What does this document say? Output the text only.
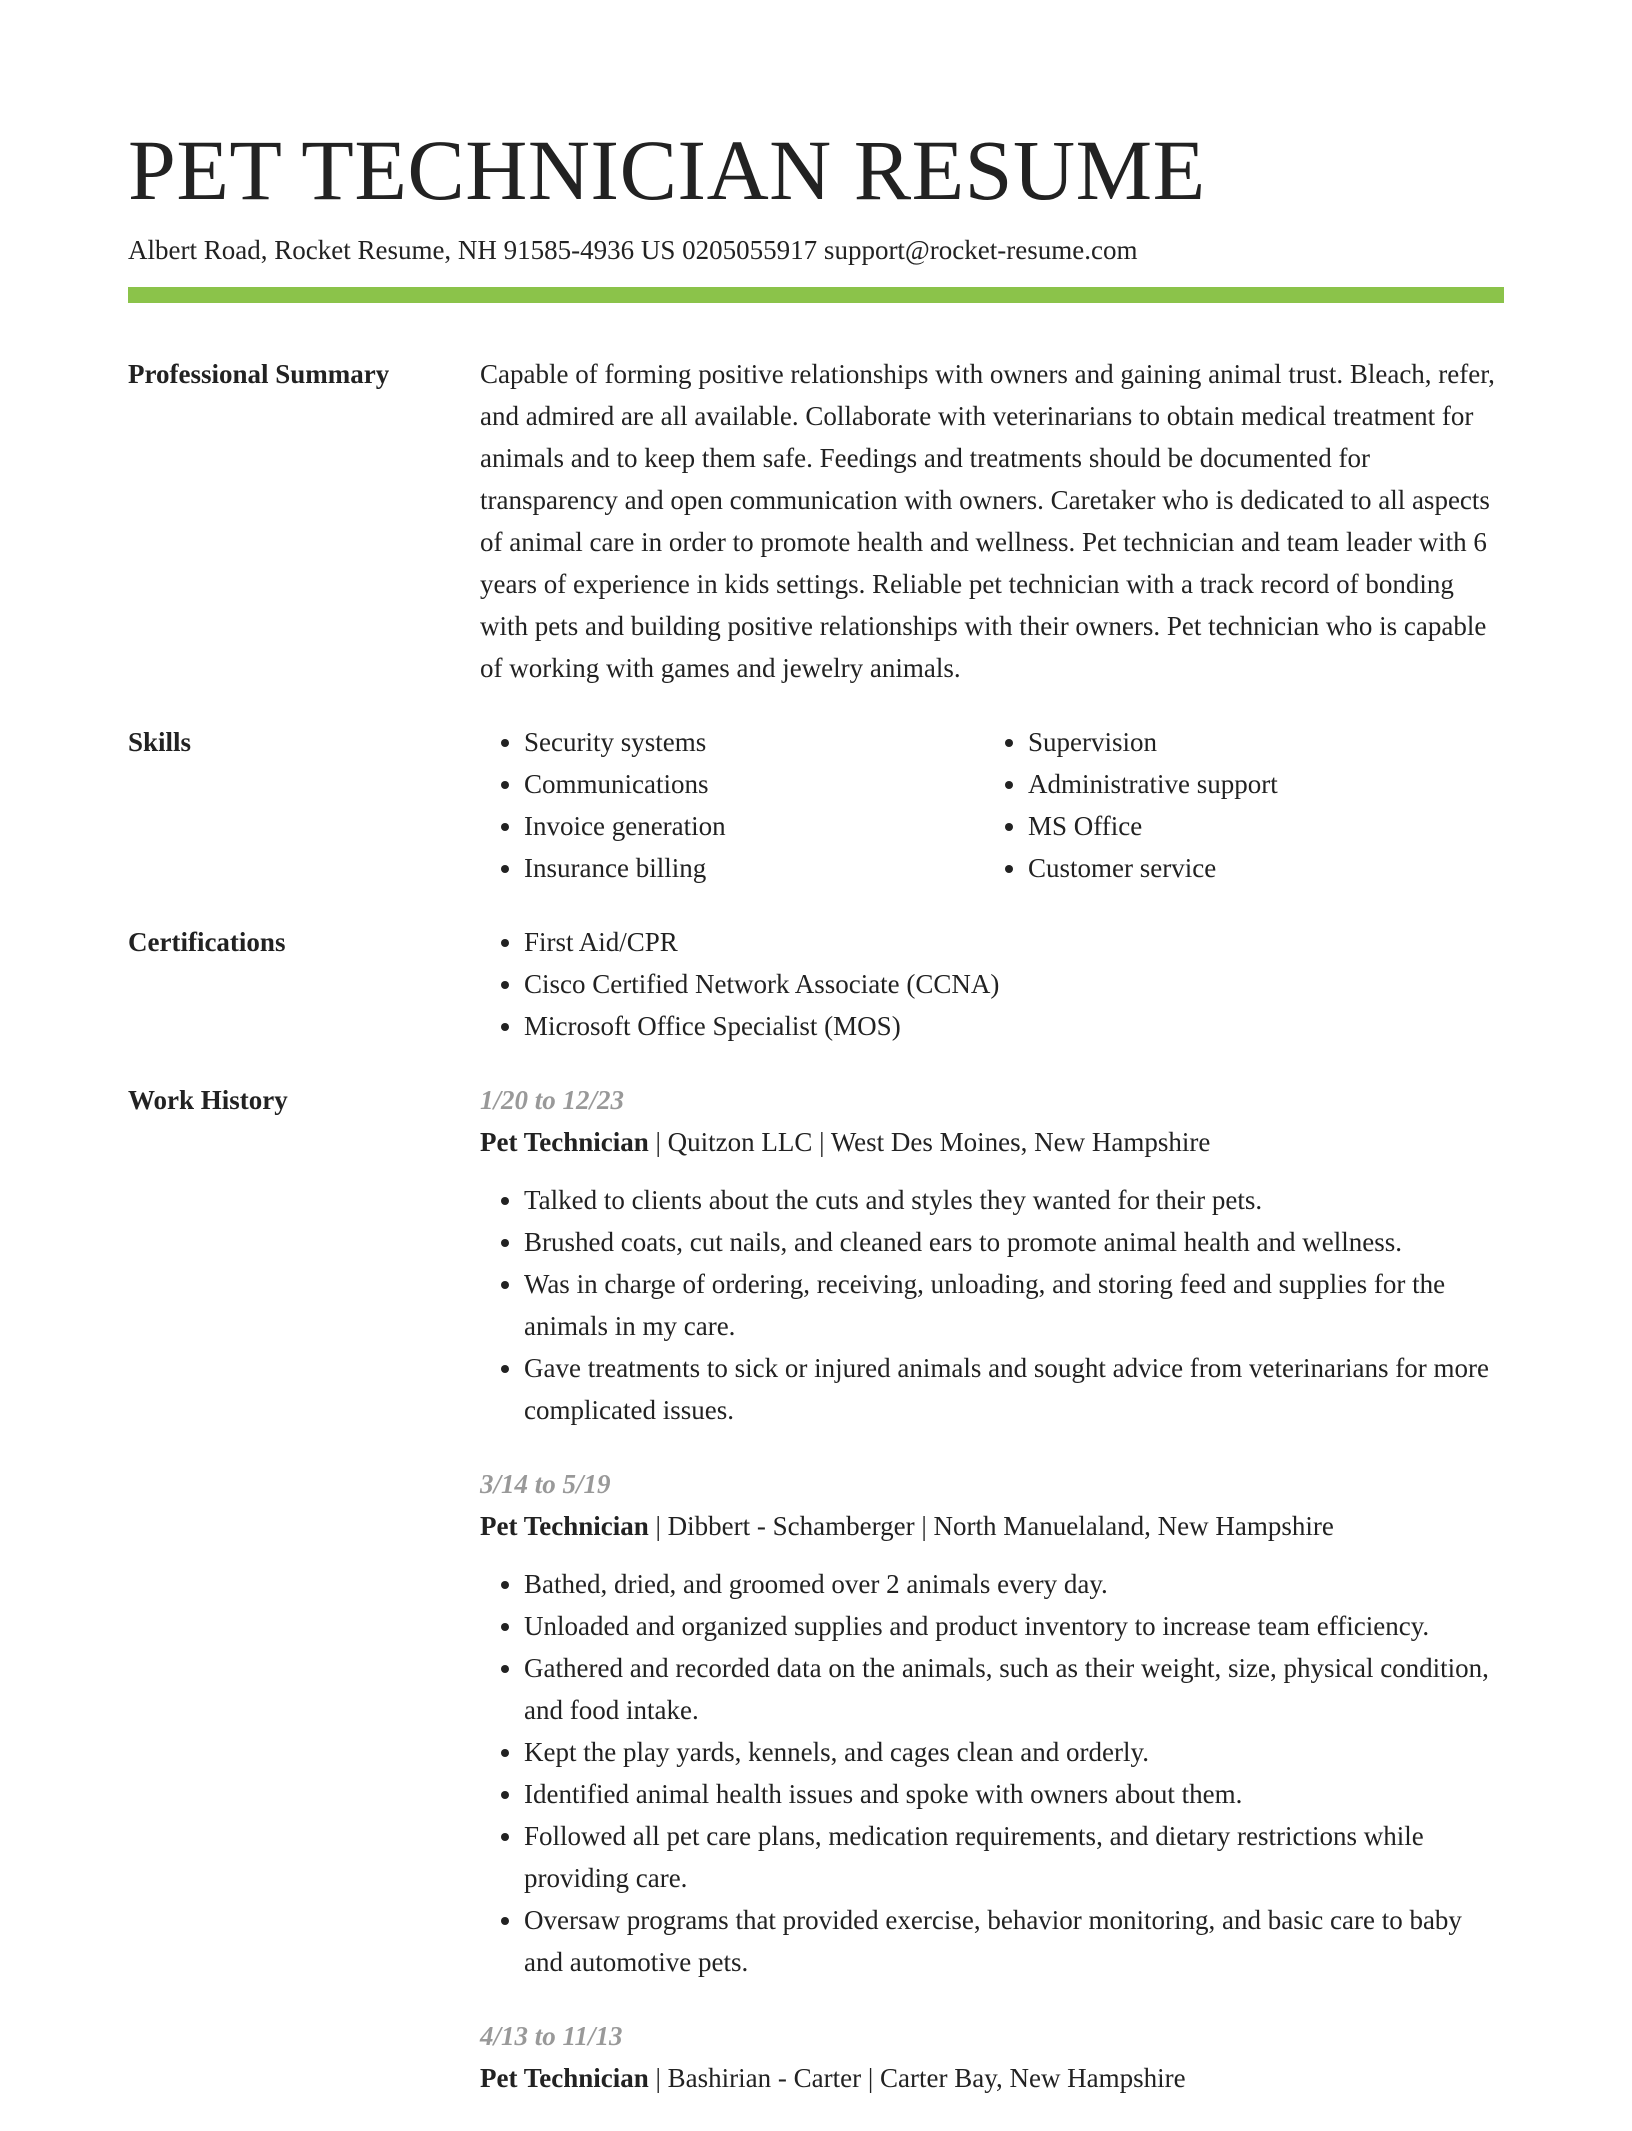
PET TECHNICIAN RESUME
Albert Road, Rocket Resume, NH 91585-4936 US 0205055917 support@rocket-resume.com
Professional Summary	Capable of forming positive relationships with owners and gaining animal trust. Bleach, refer, and admired are all available. Collaborate with veterinarians to obtain medical treatment for animals and to keep them safe. Feedings and treatments should be documented for transparency and open communication with owners. Caretaker who is dedicated to all aspects of animal care in order to promote health and wellness. Pet technician and team leader with 6 years of experience in kids settings. Reliable pet technician with a track record of bonding with pets and building positive relationships with their owners. Pet technician who is capable of working with games and jewelry animals.

Skills	• Security systems
• Communications
• Invoice generation
• Insurance billing
• Supervision
• Administrative support
• MS Office
• Customer service
Certifications	• First Aid/CPR
• Cisco Certified Network Associate (CCNA)
• Microsoft Office Specialist (MOS)
Work History	1/20 to 12/23
Pet Technician | Quitzon LLC | West Des Moines, New Hampshire
• Talked to clients about the cuts and styles they wanted for their pets.
• Brushed coats, cut nails, and cleaned ears to promote animal health and wellness.
• Was in charge of ordering, receiving, unloading, and storing feed and supplies for the animals in my care.
• Gave treatments to sick or injured animals and sought advice from veterinarians for more complicated issues.
3/14 to 5/19
Pet Technician | Dibbert - Schamberger | North Manuelaland, New Hampshire
• Bathed, dried, and groomed over 2 animals every day.
• Unloaded and organized supplies and product inventory to increase team efficiency.
• Gathered and recorded data on the animals, such as their weight, size, physical condition, and food intake.
• Kept the play yards, kennels, and cages clean and orderly.
• Identified animal health issues and spoke with owners about them.
• Followed all pet care plans, medication requirements, and dietary restrictions while providing care.
• Oversaw programs that provided exercise, behavior monitoring, and basic care to baby and automotive pets.
4/13 to 11/13
Pet Technician | Bashirian - Carter | Carter Bay, New Hampshire
